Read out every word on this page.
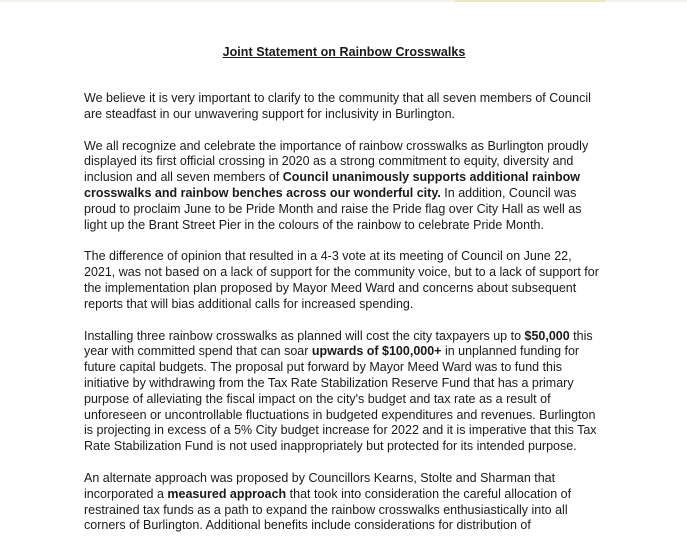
Joint Statement on Rainbow Crosswalks

We believe it is very important to clarify to the community that all seven members of Council are steadfast in our unwavering support for inclusivity in Burlington.

We all recognize and celebrate the importance of rainbow crosswalks as Burlington proudly displayed its first official crossing in 2020 as a strong commitment to equity, diversity and inclusion and all seven members of Council unanimously supports additional rainbow crosswalks and rainbow benches across our wonderful city. In addition, Council was proud to proclaim June to be Pride Month and raise the Pride flag over City Hall as well as light up the Brant Street Pier in the colours of the rainbow to celebrate Pride Month.

The difference of opinion that resulted in a 4-3 vote at its meeting of Council on June 22, 2021, was not based on a lack of support for the community voice, but to a lack of support for the implementation plan proposed by Mayor Meed Ward and concerns about subsequent reports that will bias additional calls for increased spending.

Installing three rainbow crosswalks as planned will cost the city taxpayers up to $50,000 this year with committed spend that can soar upwards of $100,000+ in unplanned funding for future capital budgets. The proposal put forward by Mayor Meed Ward was to fund this initiative by withdrawing from the Tax Rate Stabilization Reserve Fund that has a primary purpose of alleviating the fiscal impact on the city's budget and tax rate as a result of unforeseen or uncontrollable fluctuations in budgeted expenditures and revenues. Burlington is projecting in excess of a 5% City budget increase for 2022 and it is imperative that this Tax Rate Stabilization Fund is not used inappropriately but protected for its intended purpose.

An alternate approach was proposed by Councillors Kearns, Stolte and Sharman that incorporated a measured approach that took into consideration the careful allocation of restrained tax funds as a path to expand the rainbow crosswalks enthusiastically into all corners of Burlington. Additional benefits include considerations for distribution of
